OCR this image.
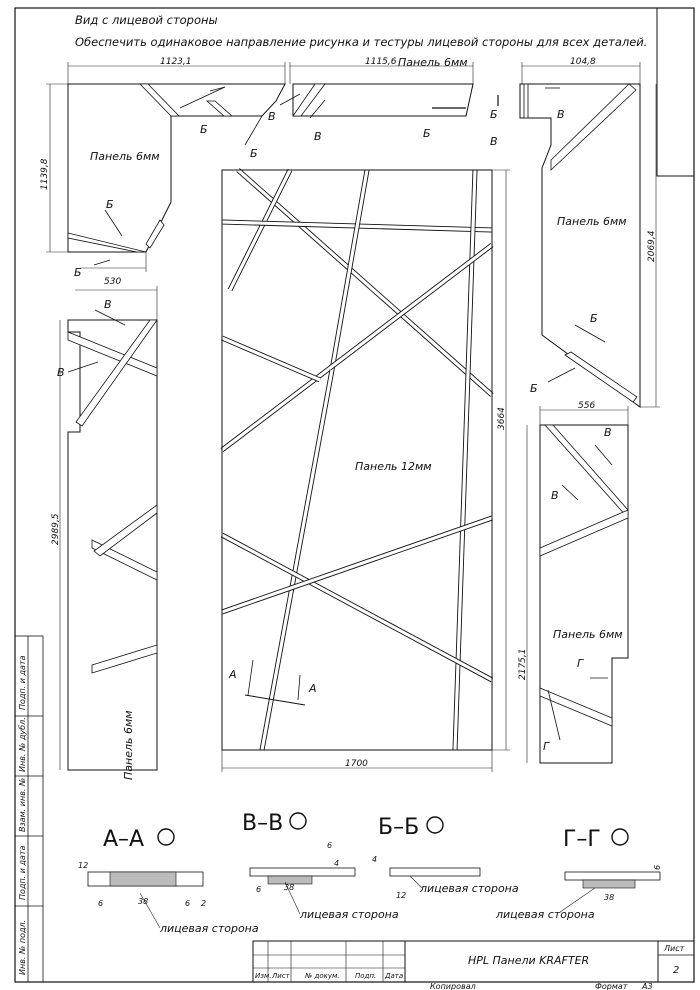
Вид с лицевой стороны
Обеспечить одинаковое направление рисунка и тестуры лицевой стороны для всех деталей.
1123,1
1139,8
530
Панель 6мм
Б
Б
Б
Б
1115,6 Панель 6мм
В
В	Б
Б
В
104,8
2069,4
Панель 6мм
В
Б
Б
2989,5
В
В
Панель 6мм	1700
3664
Панель 12мм
А
А
556
2175,1
Панель 6мм
В
В
Г
Г
А–А
12
6	38	6 2
лицевая сторона
В–В
6
4
6	38
лицевая сторона
Б–Б
4
12
лицевая сторона
Г–Г
6
38
лицевая сторона
Подп. и дата
Инв. № дубл.
Взам. инв. №
Подп. и дата
Инв. № подл.
Изм. Лист № докум. Подп. Дата
HPL Панели KRAFTER
Лист
2
Копировал	Формат А3
